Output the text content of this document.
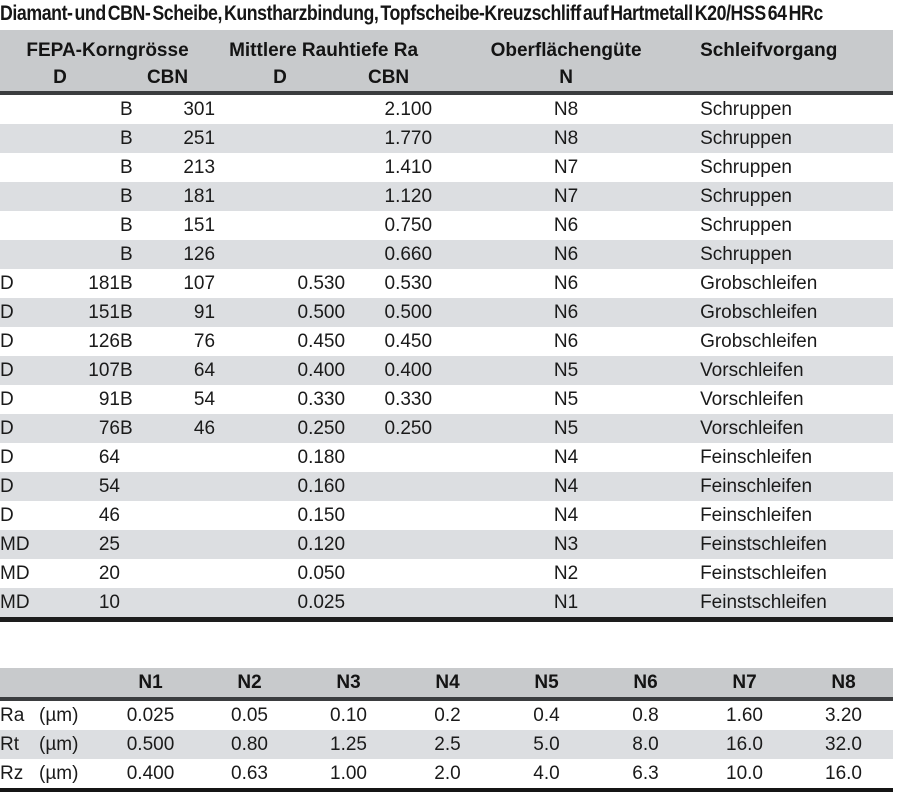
Diamant- und CBN- Scheibe, Kunstharzbindung, Topfscheibe-Kreuzschliff auf Hartmetall K20/HSS 64 HRc
FEPA-Korngrösse				Mittlere Rauhtiefe Ra		Oberflächengüte	Schleifvorgang
D		CBN		D	CBN	N	
		B	301		2.100	N8	Schruppen
		B	251		1.770	N8	Schruppen
		B	213		1.410	N7	Schruppen
		B	181		1.120	N7	Schruppen
		B	151		0.750	N6	Schruppen
		B	126		0.660	N6	Schruppen
D	181	B	107	0.530	0.530	N6	Grobschleifen
D	151	B	91	0.500	0.500	N6	Grobschleifen
D	126	B	76	0.450	0.450	N6	Grobschleifen
D	107	B	64	0.400	0.400	N5	Vorschleifen
D	91	B	54	0.330	0.330	N5	Vorschleifen
D	76	B	46	0.250	0.250	N5	Vorschleifen
D	64			0.180		N4	Feinschleifen
D	54			0.160		N4	Feinschleifen
D	46			0.150		N4	Feinschleifen
MD	25			0.120		N3	Feinstschleifen
MD	20			0.050		N2	Feinstschleifen
MD	10			0.025		N1	Feinstschleifen
	N1	N2	N3	N4	N5	N6	N7	N8
Ra (µm)	0.025	0.05	0.10	0.2	0.4	0.8	1.60	3.20
Rt (µm)	0.500	0.80	1.25	2.5	5.0	8.0	16.0	32.0
Rz (µm)	0.400	0.63	1.00	2.0	4.0	6.3	10.0	16.0
